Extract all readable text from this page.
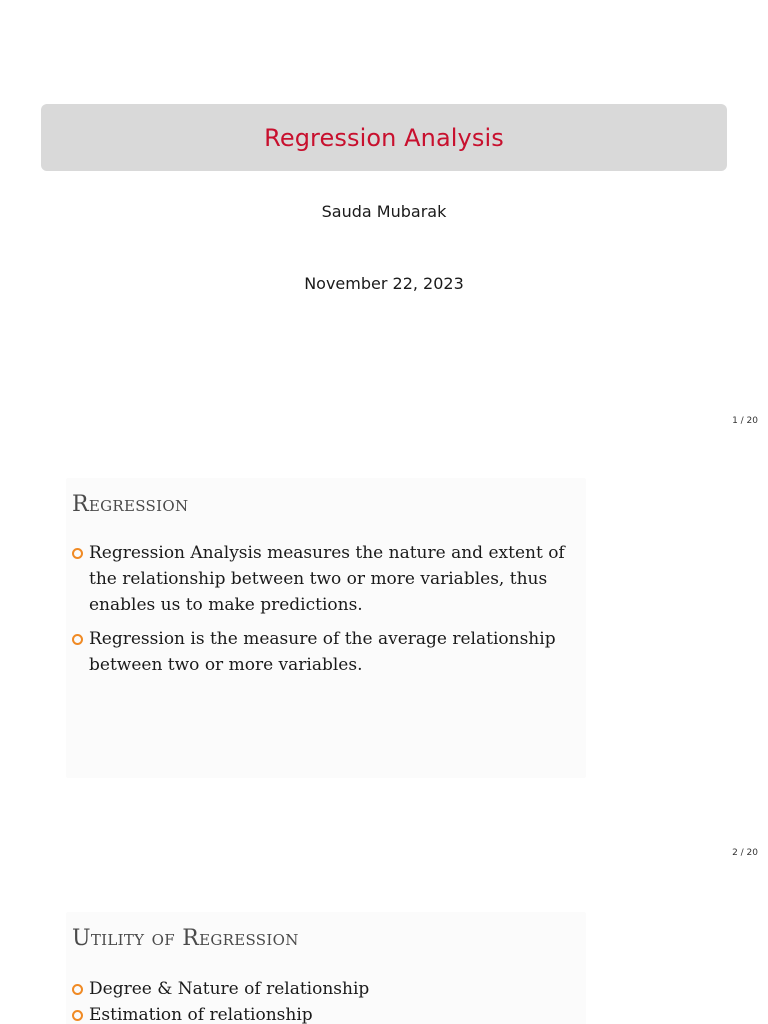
Regression Analysis
Sauda Mubarak
November 22, 2023
1 / 20
Regression
Regression Analysis measures the nature and extent of the relationship between two or more variables, thus enables us to make predictions.
Regression is the measure of the average relationship between two or more variables.
2 / 20
Utility of Regression
Degree & Nature of relationship
Estimation of relationship
